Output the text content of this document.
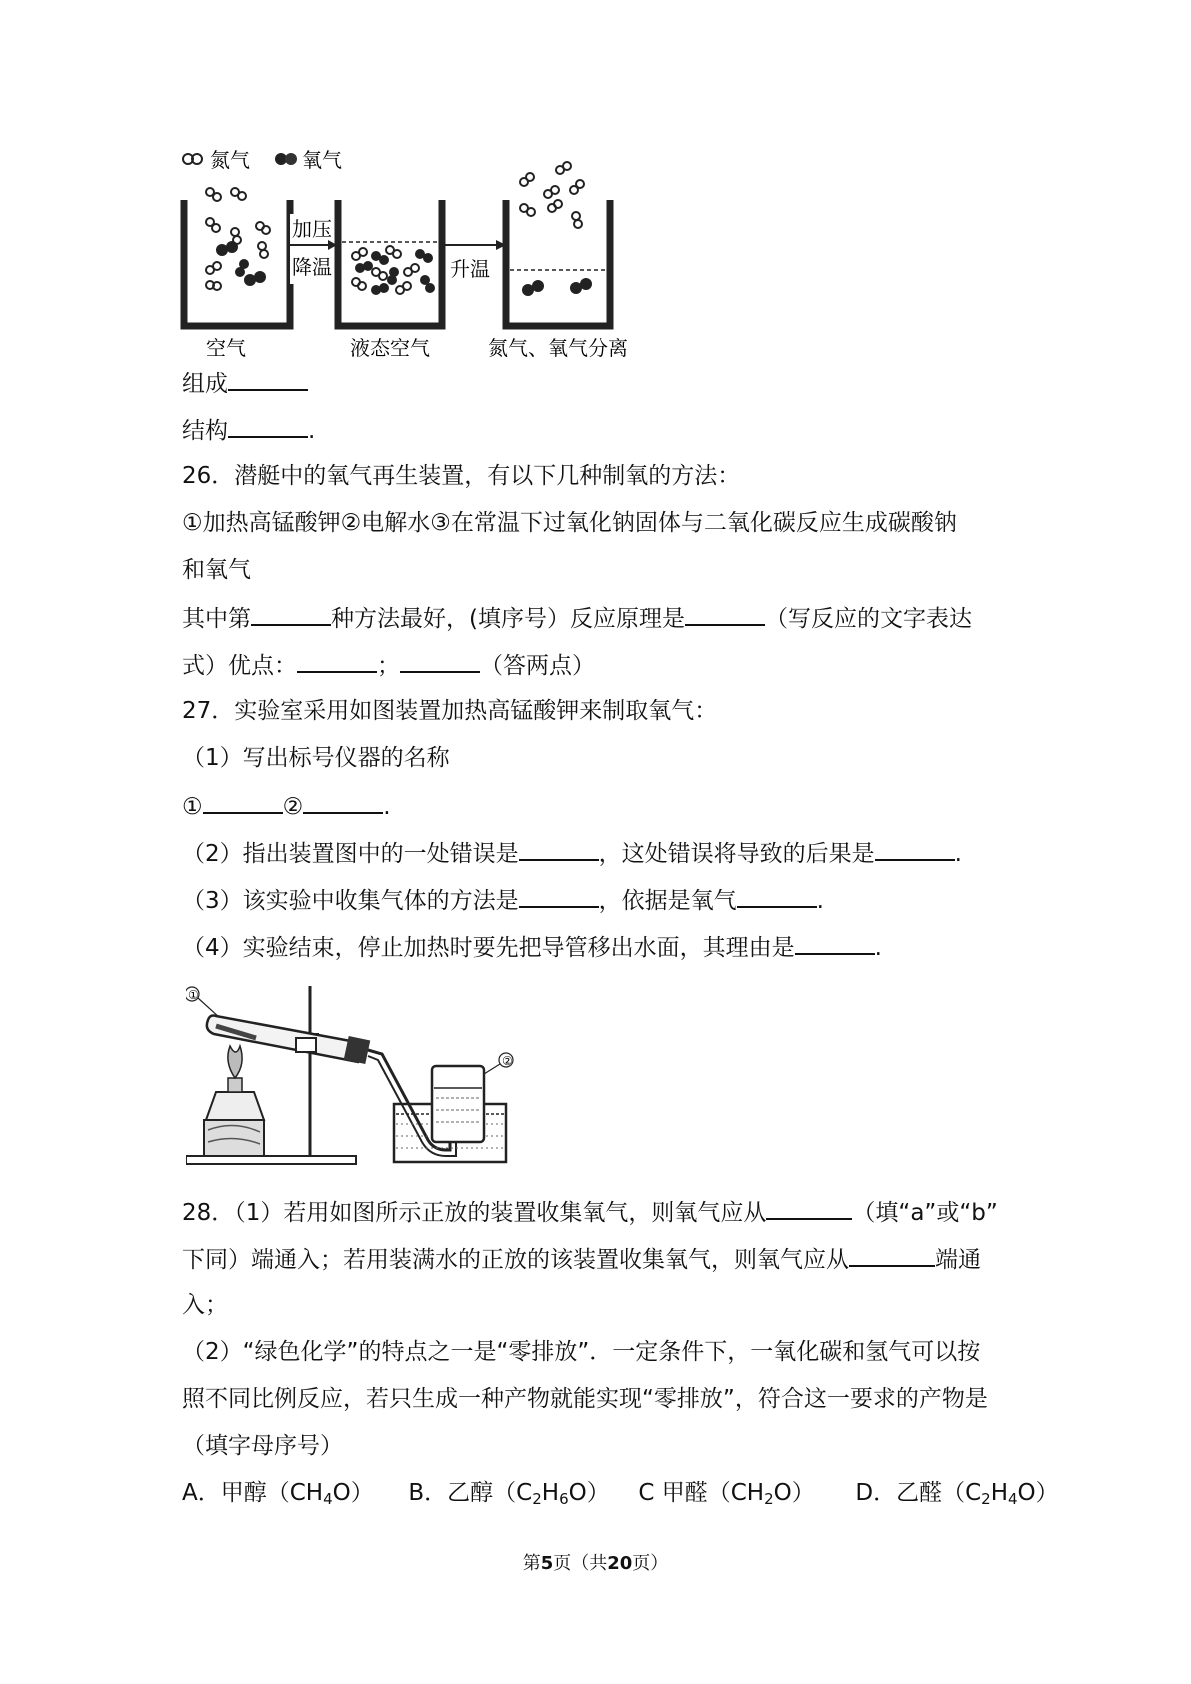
氮气	氧气
加压
降温	升温
空气	液态空气	氮气、氧气分离
组成
结构	.
26．潜艇中的氧气再生装置，有以下几种制氧的方法：
①加热高锰酸钾②电解水③在常温下过氧化钠固体与二氧化碳反应生成碳酸钠
和氧气
其中第	种方法最好，(填序号）反应原理是	（写反应的文字表达
式）优点：	；	（答两点）
27．实验室采用如图装置加热高锰酸钾来制取氧气：
（1）写出标号仪器的名称
①	②	.
（2）指出装置图中的一处错误是	，这处错误将导致的后果是	.
（3）该实验中收集气体的方法是	，依据是氧气	.
（4）实验结束，停止加热时要先把导管移出水面，其理由是	.
①
②
28．（1）若用如图所示正放的装置收集氧气，则氧气应从	（填“a”或“b”
下同）端通入；若用装满水的正放的该装置收集氧气，则氧气应从	端通
入；
（2）“绿色化学”的特点之一是“零排放”．一定条件下，一氧化碳和氢气可以按
照不同比例反应，若只生成一种产物就能实现“零排放”，符合这一要求的产物是
（填字母序号）
A．甲醇$(CH_4O)$ B．乙醇$(C_2H_6O)$ C 甲醛$(CH_2O)$ D．乙醛$(C_2H_4O)$
第5页（共20页）
